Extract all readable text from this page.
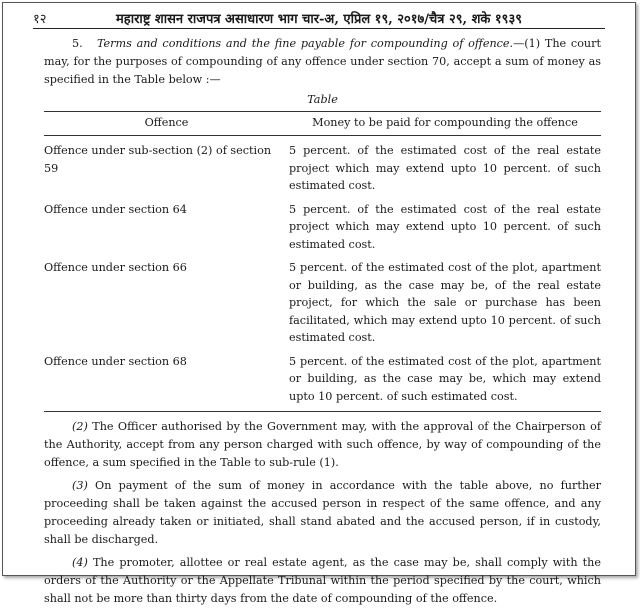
१२	महाराष्ट्र शासन राजपत्र असाधारण भाग चार-अ, एप्रिल १९, २०१७/चैत्र २९, शके १९३९

5. Terms and conditions and the fine payable for compounding of offence.—(1) The court may, for the purposes of compounding of any offence under section 70, accept a sum of money as specified in the Table below :—

Table

Offence	Money to be paid for compounding the offence
Offence under sub-section (2) of section 59	5 percent. of the estimated cost of the real estate project which may extend upto 10 percent. of such estimated cost.
Offence under section 64	5 percent. of the estimated cost of the real estate project which may extend upto 10 percent. of such estimated cost.
Offence under section 66	5 percent. of the estimated cost of the plot, apartment or building, as the case may be, of the real estate project, for which the sale or purchase has been facilitated, which may extend upto 10 percent. of such estimated cost.
Offence under section 68	5 percent. of the estimated cost of the plot, apartment or building, as the case may be, which may extend upto 10 percent. of such estimated cost.

(2) The Officer authorised by the Government may, with the approval of the Chairperson of the Authority, accept from any person charged with such offence, by way of compounding of the offence, a sum specified in the Table to sub-rule (1).

(3) On payment of the sum of money in accordance with the table above, no further proceeding shall be taken against the accused person in respect of the same offence, and any proceeding already taken or initiated, shall stand abated and the accused person, if in custody, shall be discharged.

(4) The promoter, allottee or real estate agent, as the case may be, shall comply with the orders of the Authority or the Appellate Tribunal within the period specified by the court, which shall not be more than thirty days from the date of compounding of the offence.
